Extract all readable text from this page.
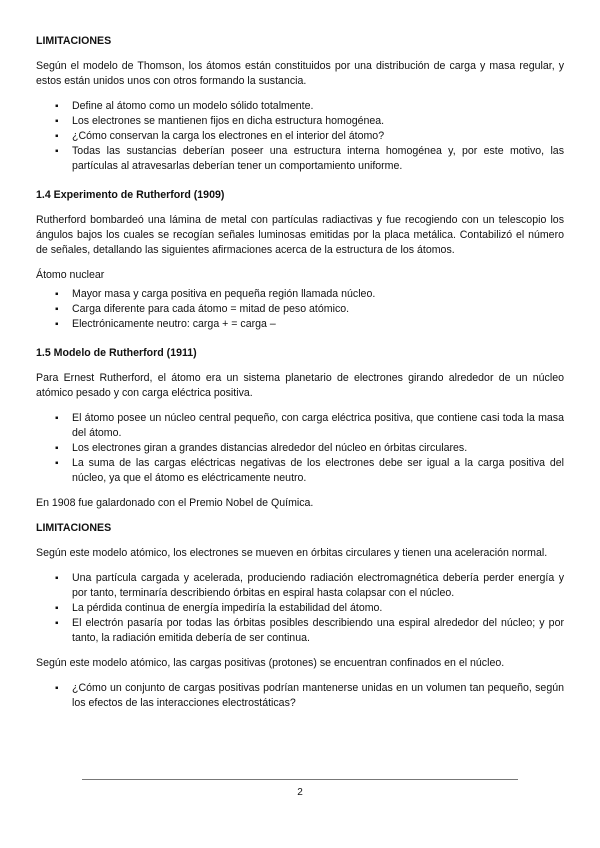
LIMITACIONES

Según el modelo de Thomson, los átomos están constituidos por una distribución de carga y masa regular, y estos están unidos unos con otros formando la sustancia.

▪ Define al átomo como un modelo sólido totalmente.
▪ Los electrones se mantienen fijos en dicha estructura homogénea.
▪ ¿Cómo conservan la carga los electrones en el interior del átomo?
▪ Todas las sustancias deberían poseer una estructura interna homogénea y, por este motivo, las partículas al atravesarlas deberían tener un comportamiento uniforme.
1.4 Experimento de Rutherford (1909)

Rutherford bombardeó una lámina de metal con partículas radiactivas y fue recogiendo con un telescopio los ángulos bajos los cuales se recogían señales luminosas emitidas por la placa metálica. Contabilizó el número de señales, detallando las siguientes afirmaciones acerca de la estructura de los átomos.

Átomo nuclear

▪ Mayor masa y carga positiva en pequeña región llamada núcleo.
▪ Carga diferente para cada átomo = mitad de peso atómico.
▪ Electrónicamente neutro: carga + = carga –
1.5 Modelo de Rutherford (1911)

Para Ernest Rutherford, el átomo era un sistema planetario de electrones girando alrededor de un núcleo atómico pesado y con carga eléctrica positiva.

▪ El átomo posee un núcleo central pequeño, con carga eléctrica positiva, que contiene casi toda la masa del átomo.
▪ Los electrones giran a grandes distancias alrededor del núcleo en órbitas circulares.
▪ La suma de las cargas eléctricas negativas de los electrones debe ser igual a la carga positiva del núcleo, ya que el átomo es eléctricamente neutro.

En 1908 fue galardonado con el Premio Nobel de Química.

LIMITACIONES

Según este modelo atómico, los electrones se mueven en órbitas circulares y tienen una aceleración normal.

▪ Una partícula cargada y acelerada, produciendo radiación electromagnética debería perder energía y por tanto, terminaría describiendo órbitas en espiral hasta colapsar con el núcleo.
▪ La pérdida continua de energía impediría la estabilidad del átomo.
▪ El electrón pasaría por todas las órbitas posibles describiendo una espiral alrededor del núcleo; y por tanto, la radiación emitida debería de ser continua.

Según este modelo atómico, las cargas positivas (protones) se encuentran confinados en el núcleo.

▪ ¿Cómo un conjunto de cargas positivas podrían mantenerse unidas en un volumen tan pequeño, según los efectos de las interacciones electrostáticas?
2
